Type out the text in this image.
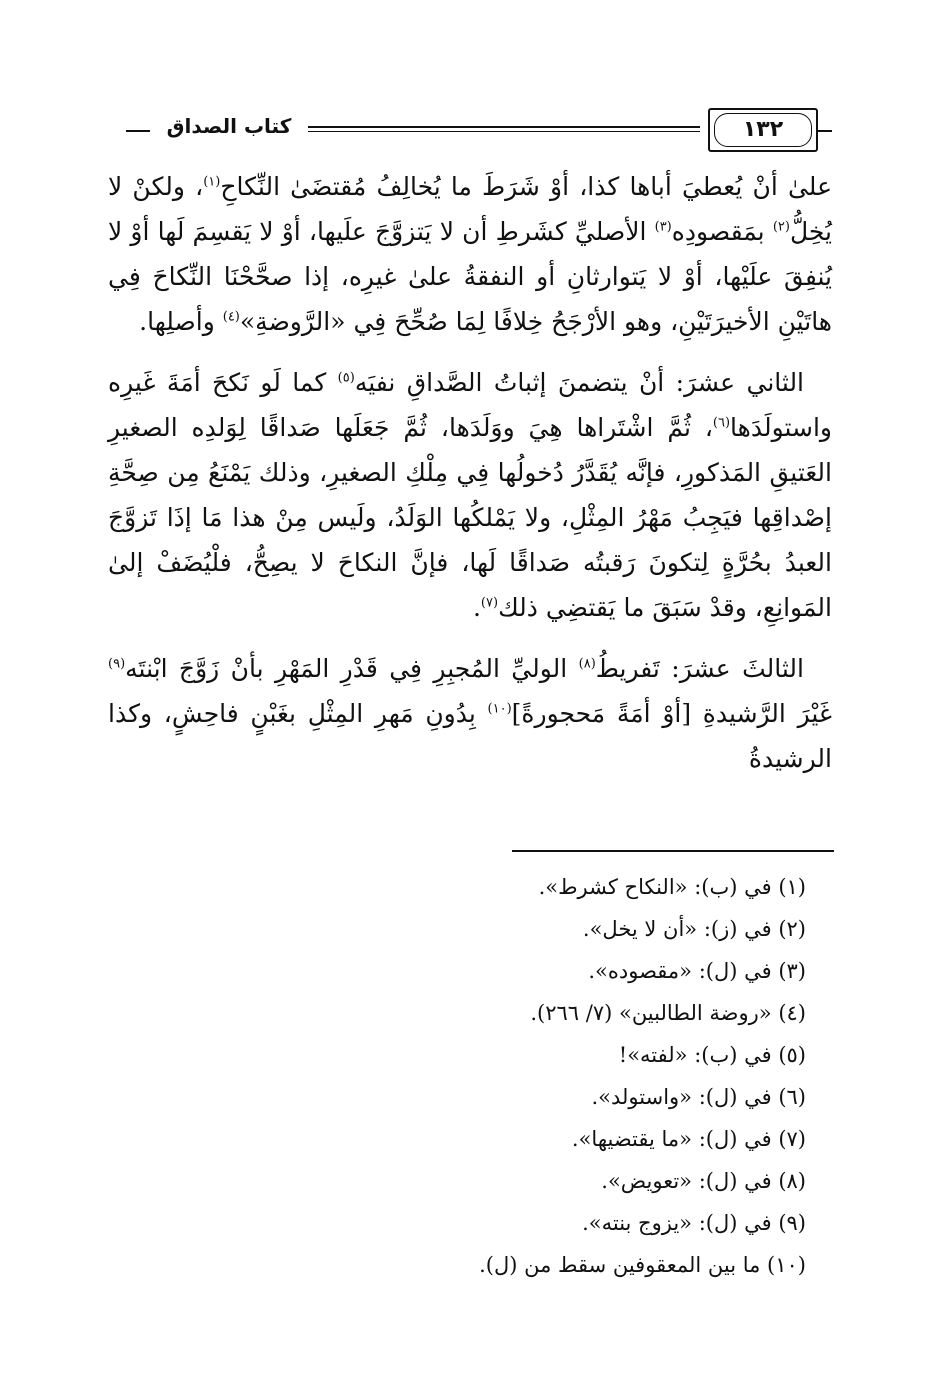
كتاب الصداق	١٣٢

علىٰ أنْ يُعطيَ أباها كذا، أوْ شَرَطَ ما يُخالِفُ مُقتضَىٰ النِّكاحِ$^{(١)}$، ولكنْ لا يُخِلُّ$^{(٢)}$ بمَقصودِه$^{(٣)}$ الأصليِّ كشَرطِ أن لا يَتزوَّجَ علَيها، أوْ لا يَقسِمَ لَها أوْ لا يُنفِقَ علَيْها، أوْ لا يَتوارثانِ أو النفقةُ علىٰ غيرِه، إذا صحَّحْنَا النِّكاحَ فِي هاتَيْنِ الأخيرَتَيْنِ، وهو الأرْجَحُ خِلافًا لِمَا صُحِّحَ فِي «الرَّوضةِ»$^{(٤)}$ وأصلِها.

الثاني عشرَ: أنْ يتضمنَ إثباتُ الصَّداقِ نفيَه$^{(٥)}$ كما لَو نَكحَ أمَةَ غَيرِه واستولَدَها$^{(٦)}$، ثُمَّ اشْتَراها هِيَ ووَلَدَها، ثُمَّ جَعَلَها صَداقًا لِوَلدِه الصغيرِ العَتيقِ المَذكورِ، فإنَّه يُقَدَّرُ دُخولُها فِي مِلْكِ الصغيرِ، وذلك يَمْنَعُ مِن صِحَّةِ إصْداقِها فيَجِبُ مَهْرُ المِثْلِ، ولا يَمْلكُها الوَلَدُ، ولَيس مِنْ هذا مَا إذَا تَزوَّجَ العبدُ بحُرَّةٍ لِتكونَ رَقبتُه صَداقًا لَها، فإنَّ النكاحَ لا يصِحُّ، فلْيُضَفْ إلىٰ المَوانِعِ، وقدْ سَبَقَ ما يَقتضِي ذلك$^{(٧)}$.

الثالثَ عشرَ: تَفريطُ$^{(٨)}$ الوليِّ المُجبِرِ فِي قَدْرِ المَهْرِ بأنْ زَوَّجَ ابْنتَه$^{(٩)}$ غَيْرَ الرَّشيدةِ [أوْ أمَةً مَحجورةً]$^{(١٠)}$ بِدُونِ مَهرِ المِثْلِ بغَبْنٍ فاحِشٍ، وكذا الرشيدةُ

(١) في (ب): «النكاح كشرط».
(٢) في (ز): «أن لا يخل».
(٣) في (ل): «مقصوده».
(٤) «روضة الطالبين» (٧/ ٢٦٦).
(٥) في (ب): «لفته»!
(٦) في (ل): «واستولد».
(٧) في (ل): «ما يقتضيها».
(٨) في (ل): «تعويض».
(٩) في (ل): «يزوج بنته».
(١٠) ما بين المعقوفين سقط من (ل).
